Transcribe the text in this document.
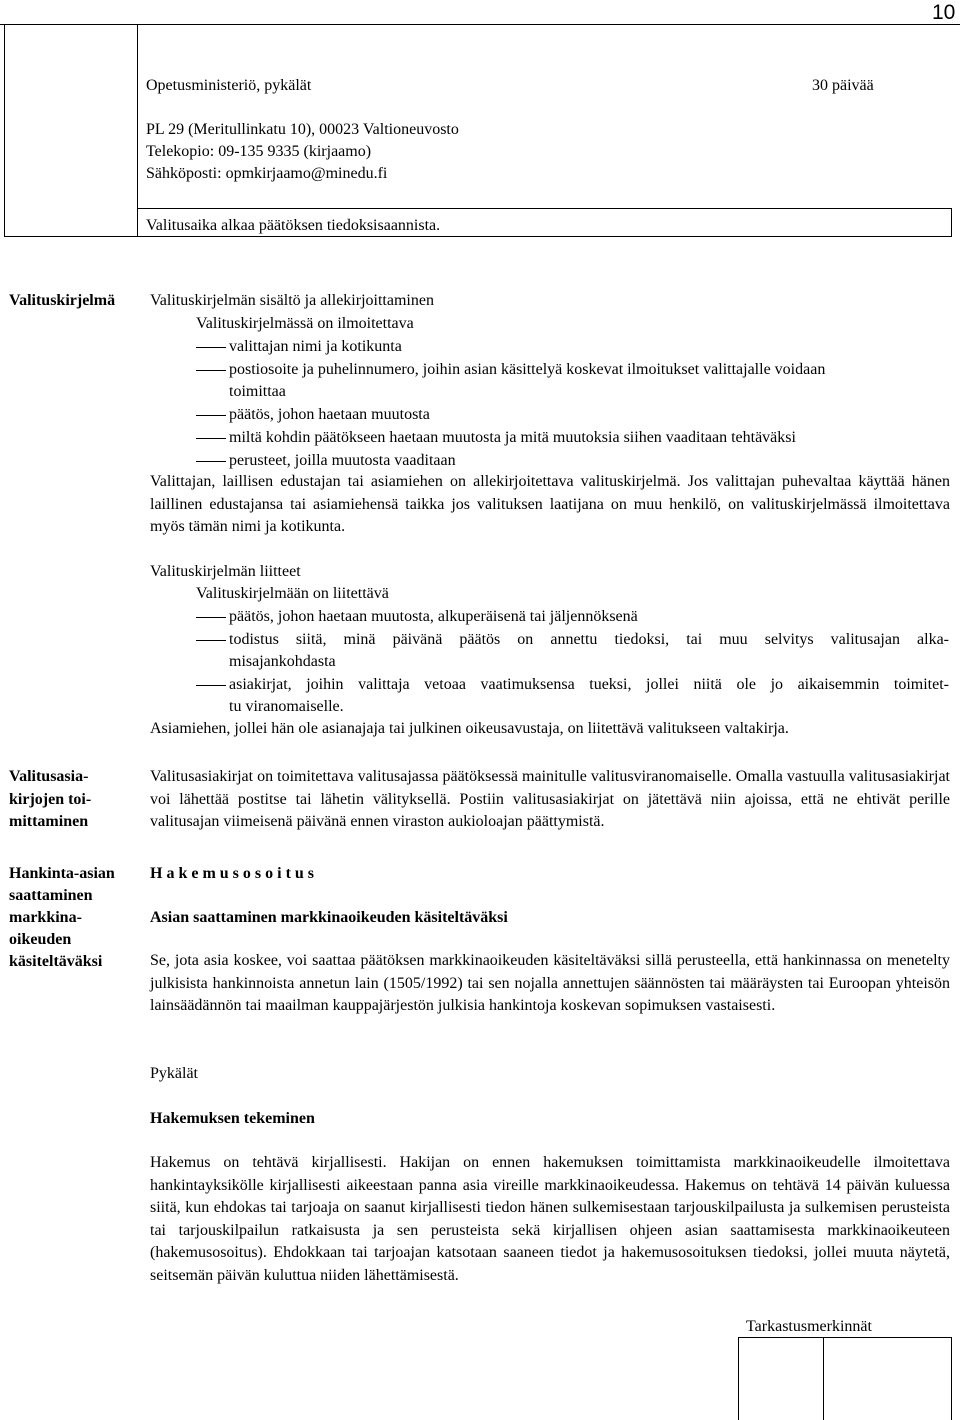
10
Opetusministeriö, pykälät	30 päivää
PL 29 (Meritullinkatu 10), 00023 Valtioneuvosto
Telekopio: 09-135 9335 (kirjaamo)
Sähköposti: opmkirjaamo@minedu.fi
Valitusaika alkaa päätöksen tiedoksisaannista.
Valituskirjelmä Valituskirjelmän sisältö ja allekirjoittaminen
Valituskirjelmässä on ilmoitettava
valittajan nimi ja kotikunta
postiosoite ja puhelinnumero, joihin asian käsittelyä koskevat ilmoitukset valittajalle voidaan
toimittaa
päätös, johon haetaan muutosta
miltä kohdin päätökseen haetaan muutosta ja mitä muutoksia siihen vaaditaan tehtäväksi
perusteet, joilla muutosta vaaditaan
Valittajan, laillisen edustajan tai asiamiehen on allekirjoitettava valituskirjelmä. Jos valittajan puhevaltaa käyttää hänen laillinen edustajansa tai asiamiehensä taikka jos valituksen laatijana on muu henkilö, on valituskirjelmässä ilmoitettava myös tämän nimi ja kotikunta.
Valituskirjelmän liitteet
Valituskirjelmään on liitettävä
päätös, johon haetaan muutosta, alkuperäisenä tai jäljennöksenä
todistus siitä, minä päivänä päätös on annettu tiedoksi, tai muu selvitys valitusajan alka-
misajankohdasta
asiakirjat, joihin valittaja vetoaa vaatimuksensa tueksi, jollei niitä ole jo aikaisemmin toimitet-
tu viranomaiselle.
Asiamiehen, jollei hän ole asianajaja tai julkinen oikeusavustaja, on liitettävä valitukseen valtakirja.
Valitusasia-
kirjojen toi-
mittaminen
Valitusasiakirjat on toimitettava valitusajassa päätöksessä mainitulle valitusviranomaiselle. Omalla vastuulla valitusasiakirjat voi lähettää postitse tai lähetin välityksellä. Postiin valitusasiakirjat on jätettävä niin ajoissa, että ne ehtivät perille valitusajan viimeisenä päivänä ennen viraston aukioloajan päättymistä.
Hankinta-asian
saattaminen
markkina-
oikeuden
käsiteltäväksi
H a k e m u s o s o i t u s
Asian saattaminen markkinaoikeuden käsiteltäväksi
Se, jota asia koskee, voi saattaa päätöksen markkinaoikeuden käsiteltäväksi sillä perusteella, että hankinnassa on menetelty julkisista hankinnoista annetun lain (1505/1992) tai sen nojalla annettujen säännösten tai määräysten tai Euroopan yhteisön lainsäädännön tai maailman kauppajärjestön julkisia hankintoja koskevan sopimuksen vastaisesti.
Pykälät
Hakemuksen tekeminen
Hakemus on tehtävä kirjallisesti. Hakijan on ennen hakemuksen toimittamista markkinaoikeudelle ilmoitettava hankintayksikölle kirjallisesti aikeestaan panna asia vireille markkinaoikeudessa. Hakemus on tehtävä 14 päivän kuluessa siitä, kun ehdokas tai tarjoaja on saanut kirjallisesti tiedon hänen sulkemisestaan tarjouskilpailusta ja sulkemisen perusteista tai tarjouskilpailun ratkaisusta ja sen perusteista sekä kirjallisen ohjeen asian saattamisesta markkinaoikeuteen (hakemusosoitus). Ehdokkaan tai tarjoajan katsotaan saaneen tiedot ja hakemusosoituksen tiedoksi, jollei muuta näytetä, seitsemän päivän kuluttua niiden lähettämisestä.
Tarkastusmerkinnät
